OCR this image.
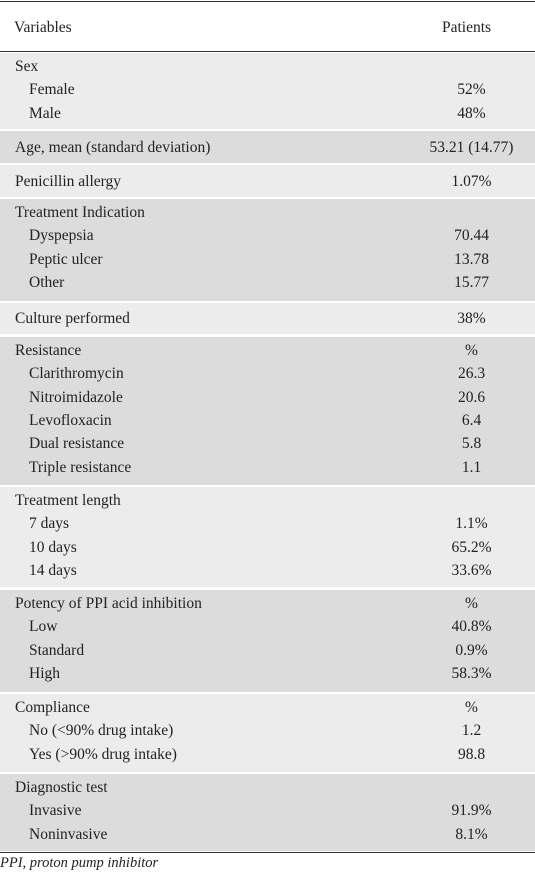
Variables	Patients
Sex
Female	52%
Male	48%
Age, mean (standard deviation)	53.21 (14.77)
Penicillin allergy	1.07%
Treatment Indication
Dyspepsia	70.44
Peptic ulcer	13.78
Other	15.77
Culture performed	38%
Resistance	%
Clarithromycin	26.3
Nitroimidazole	20.6
Levofloxacin	6.4
Dual resistance	5.8
Triple resistance	1.1
Treatment length
7 days	1.1%
10 days	65.2%
14 days	33.6%
Potency of PPI acid inhibition	%
Low	40.8%
Standard	0.9%
High	58.3%
Compliance	%
No (<90% drug intake)	1.2
Yes (>90% drug intake)	98.8
Diagnostic test
Invasive	91.9%
Noninvasive	8.1%
PPI, proton pump inhibitor
